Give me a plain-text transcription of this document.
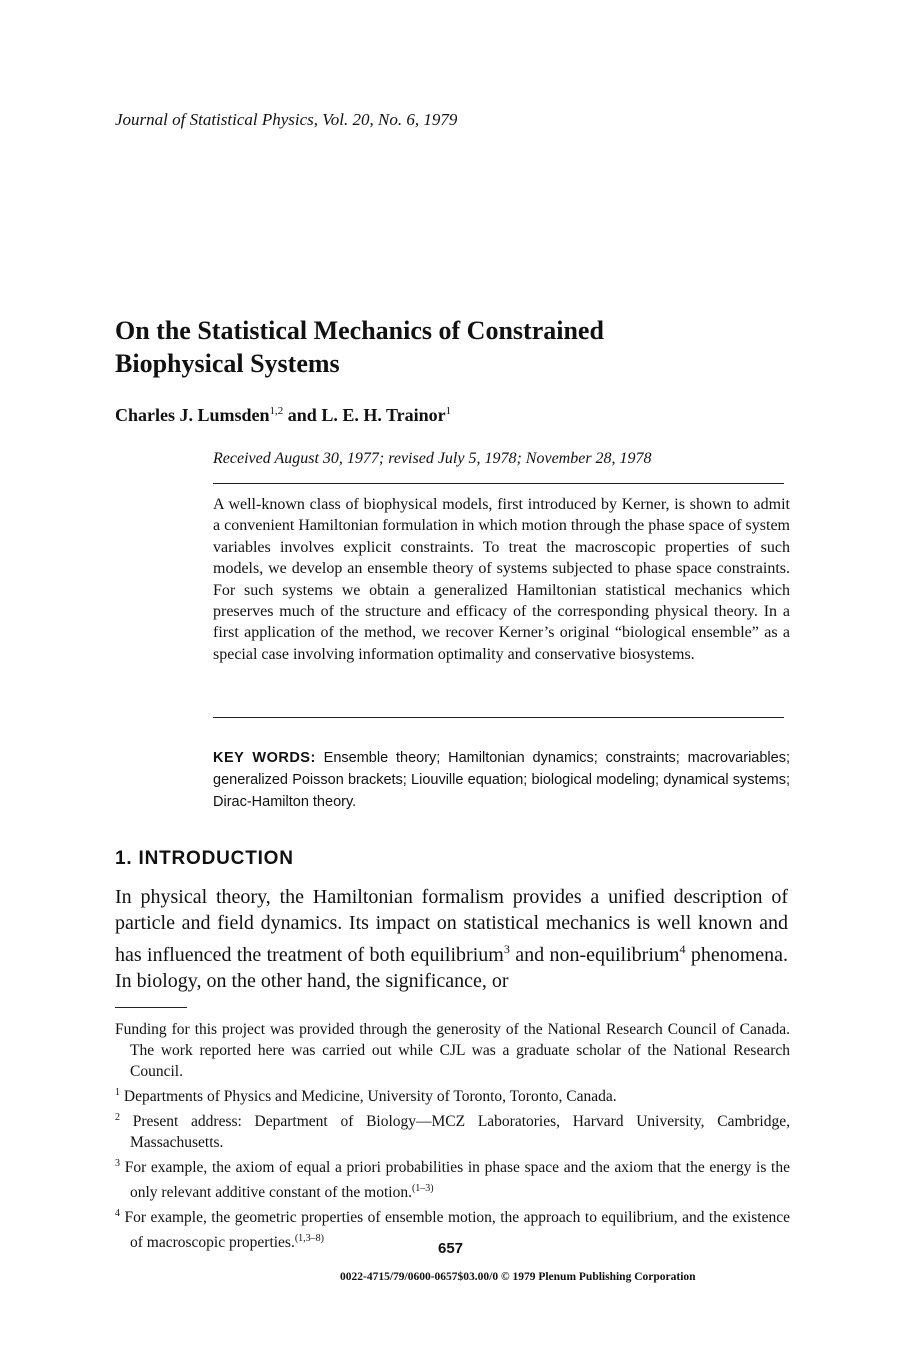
Journal of Statistical Physics, Vol. 20, No. 6, 1979
On the Statistical Mechanics of Constrained
Biophysical Systems
Charles J. Lumsden$^{1,2}$ and L. E. H. Trainor$^1$
Received August 30, 1977; revised July 5, 1978; November 28, 1978
A well-known class of biophysical models, first introduced by Kerner, is shown to admit a convenient Hamiltonian formulation in which motion through the phase space of system variables involves explicit constraints. To treat the macroscopic properties of such models, we develop an ensemble theory of systems subjected to phase space constraints. For such systems we obtain a generalized Hamiltonian statistical mechanics which preserves much of the structure and efficacy of the corresponding physical theory. In a first application of the method, we recover Kerner’s original “biological ensemble” as a special case involving information optimality and conservative biosystems.
KEY WORDS: Ensemble theory; Hamiltonian dynamics; constraints; macrovariables; generalized Poisson brackets; Liouville equation; biological modeling; dynamical systems; Dirac-Hamilton theory.
1. INTRODUCTION
In physical theory, the Hamiltonian formalism provides a unified description of particle and field dynamics. Its impact on statistical mechanics is well known and has influenced the treatment of both equilibrium$^3$ and non-equilibrium$^4$ phenomena. In biology, on the other hand, the significance, or

Funding for this project was provided through the generosity of the National Research Council of Canada. The work reported here was carried out while CJL was a graduate scholar of the National Research Council.

$^1$ Departments of Physics and Medicine, University of Toronto, Toronto, Canada.

$^2$ Present address: Department of Biology—MCZ Laboratories, Harvard University, Cambridge, Massachusetts.

$^3$ For example, the axiom of equal a priori probabilities in phase space and the axiom that the energy is the only relevant additive constant of the motion.$^{(1-3)}$

$^4$ For example, the geometric properties of ensemble motion, the approach to equilibrium, and the existence of macroscopic properties.$^{(1,3-8)}$

657
0022-4715/79/0600-0657$03.00/0 © 1979 Plenum Publishing Corporation
